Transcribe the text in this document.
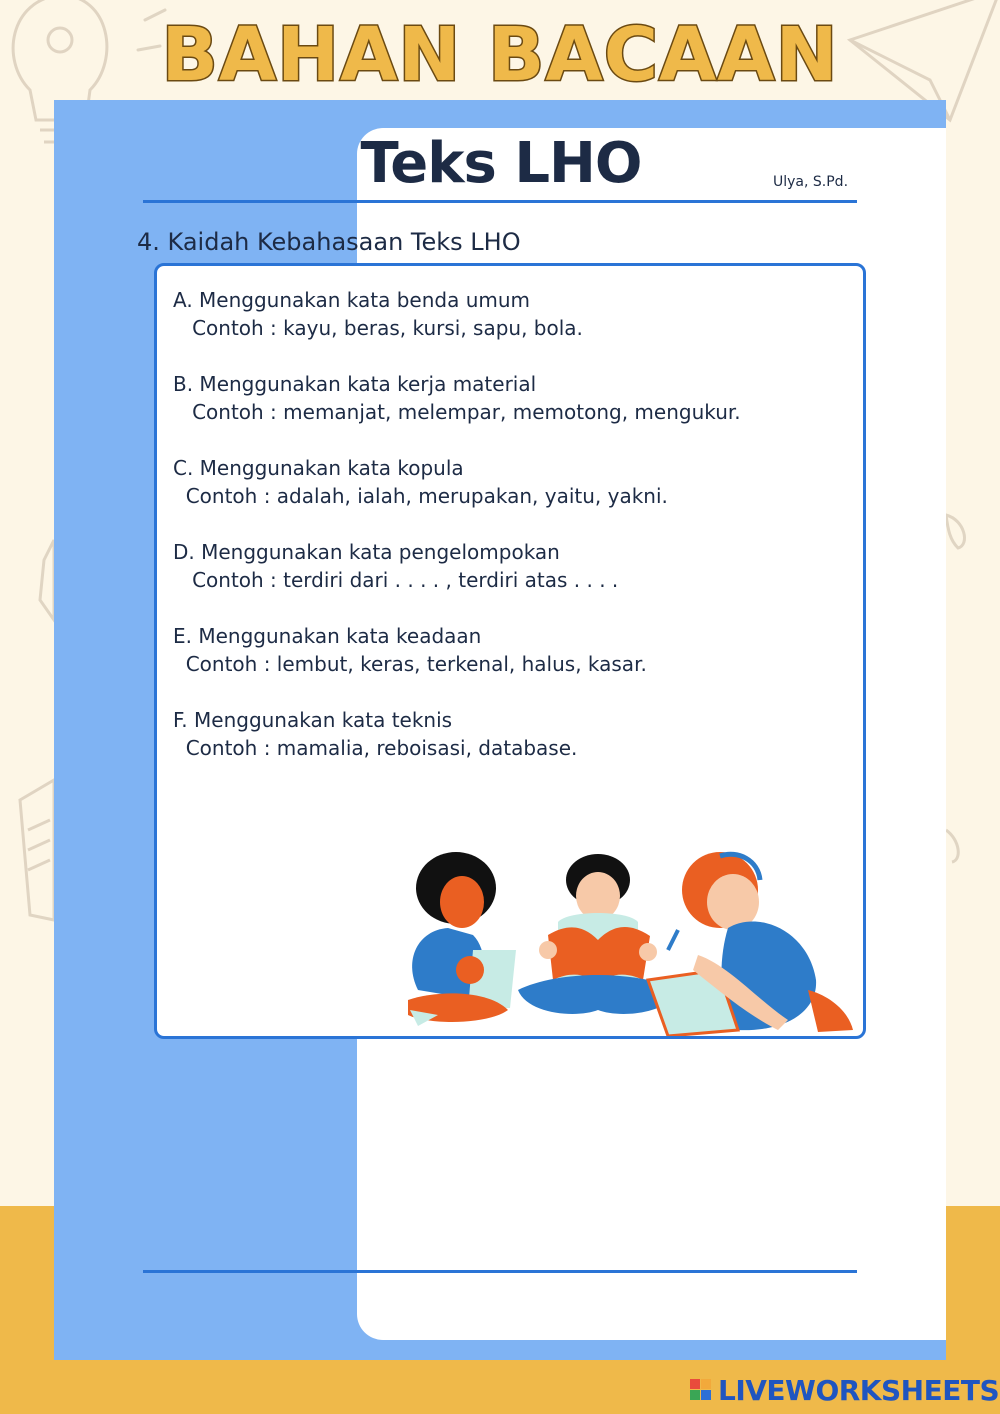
BAHAN BACAAN
Teks LHO	Ulya, S.Pd.
4. Kaidah Kebahasaan Teks LHO
A. Menggunakan kata benda umum
Contoh : kayu, beras, kursi, sapu, bola.
B. Menggunakan kata kerja material
Contoh : memanjat, melempar, memotong, mengukur.
C. Menggunakan kata kopula
Contoh : adalah, ialah, merupakan, yaitu, yakni.
D. Menggunakan kata pengelompokan
Contoh : terdiri dari . . . . , terdiri atas . . . .
E. Menggunakan kata keadaan
Contoh : lembut, keras, terkenal, halus, kasar.
F. Menggunakan kata teknis
Contoh : mamalia, reboisasi, database.
LIVEWORKSHEETS
